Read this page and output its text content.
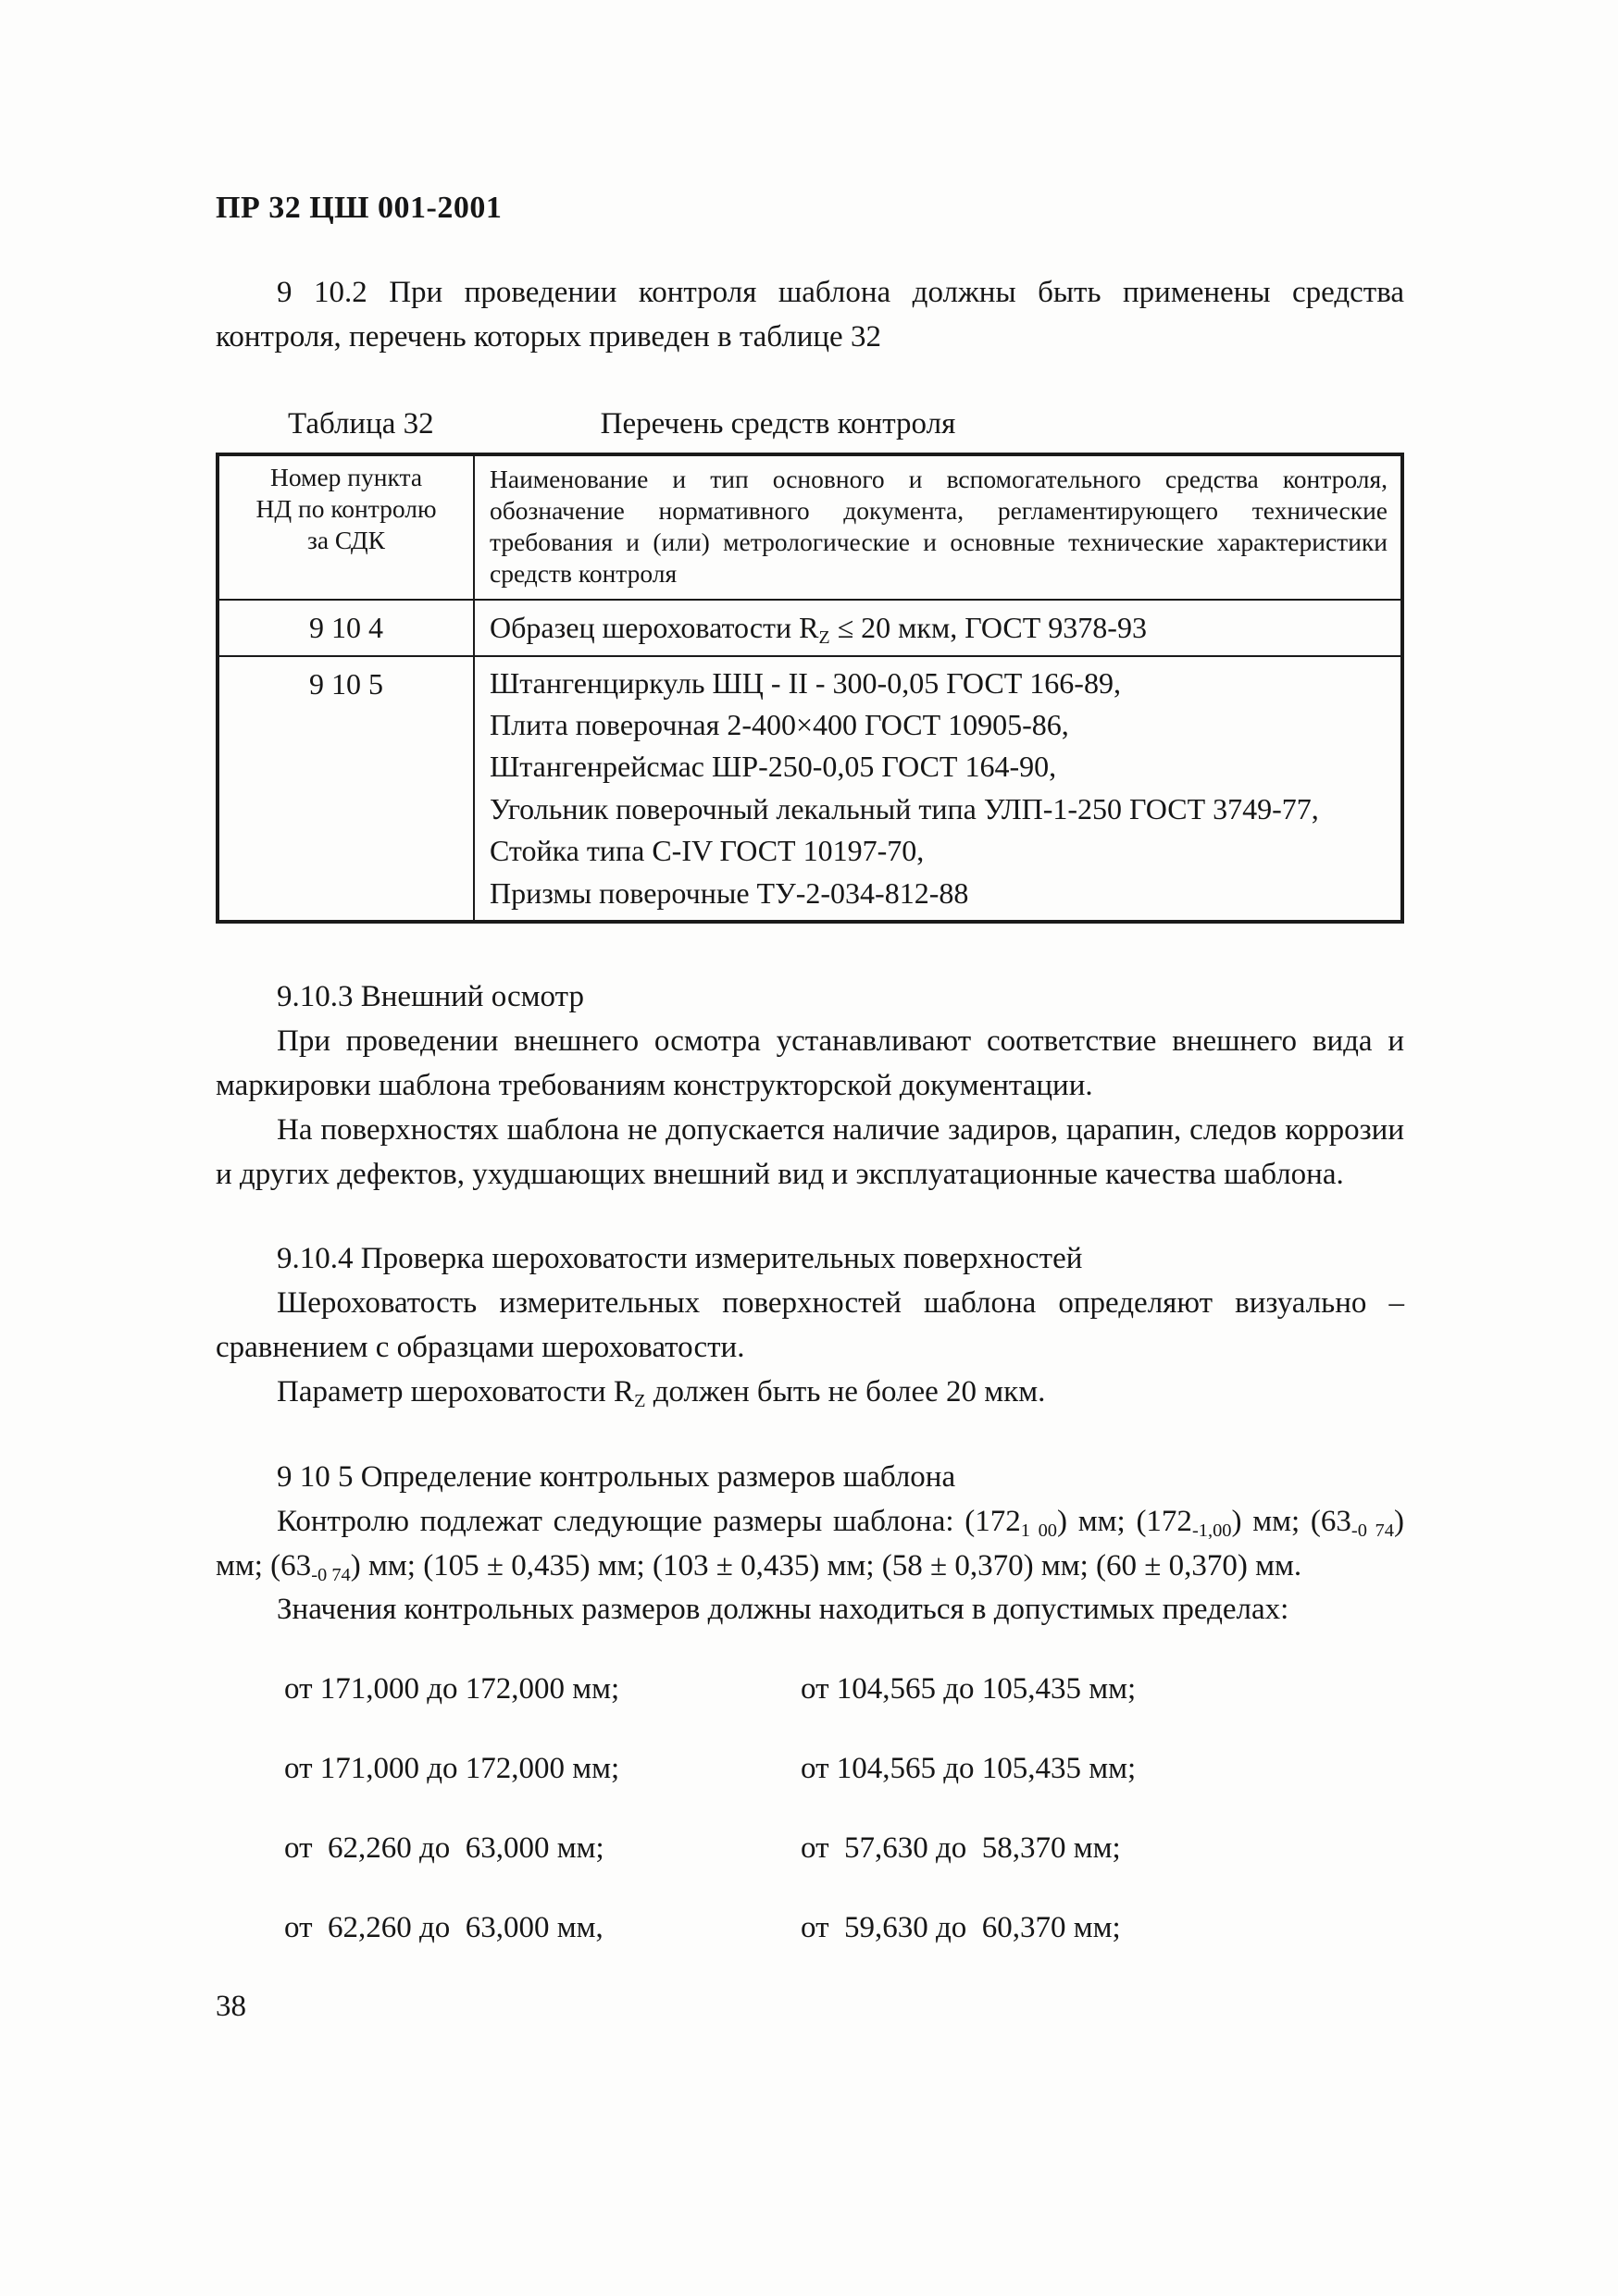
ПР 32 ЦШ 001-2001

9 10.2 При проведении контроля шаблона должны быть применены средства контроля, перечень которых приведен в таблице 32

Таблица 32	Перечень средств контроля
Номер пункта
НД по контролю
за СДК
	Наименование и тип основного и вспомогательного средства контроля, обозначение нормативного документа, регламентирующего технические требования и (или) метрологические и основные технические характеристики средств контроля
9 10 4	Образец шероховатости $R_Z \le 20$ мкм, ГОСТ 9378-93
9 10 5	Штангенциркуль ШЦ - II - 300-0,05 ГОСТ 166-89,
Плита поверочная 2-400×400 ГОСТ 10905-86,
Штангенрейсмас ШР-250-0,05 ГОСТ 164-90,
Угольник поверочный лекальный типа УЛП-1-250 ГОСТ 3749-77,
Стойка типа C-IV ГОСТ 10197-70,
Призмы поверочные ТУ-2-034-812-88

9.10.3 Внешний осмотр

При проведении внешнего осмотра устанавливают соответствие внешнего вида и маркировки шаблона требованиям конструкторской документации.

На поверхностях шаблона не допускается наличие задиров, царапин, следов коррозии и других дефектов, ухудшающих внешний вид и эксплуатационные качества шаблона.

9.10.4 Проверка шероховатости измерительных поверхностей

Шероховатость измерительных поверхностей шаблона определяют визуально – сравнением с образцами шероховатости.

Параметр шероховатости $R_Z$ должен быть не более 20 мкм.

9 10 5 Определение контрольных размеров шаблона

Контролю подлежат следующие размеры шаблона: $(172_{1 00})$ мм; $(172_{-1,00})$ мм; $(63_{-0 74})$ мм; $(63_{-0 74})$ мм; (105 ± 0,435) мм; (103 ± 0,435) мм; (58 ± 0,370) мм; (60 ± 0,370) мм.

Значения контрольных размеров должны находиться в допустимых пределах:

от 171,000 до 172,000 мм;	от 104,565 до 105,435 мм;
от 171,000 до 172,000 мм;	от 104,565 до 105,435 мм;
от  62,260 до  63,000 мм;	от  57,630 до  58,370 мм;
от  62,260 до  63,000 мм,	от  59,630 до  60,370 мм;
38
